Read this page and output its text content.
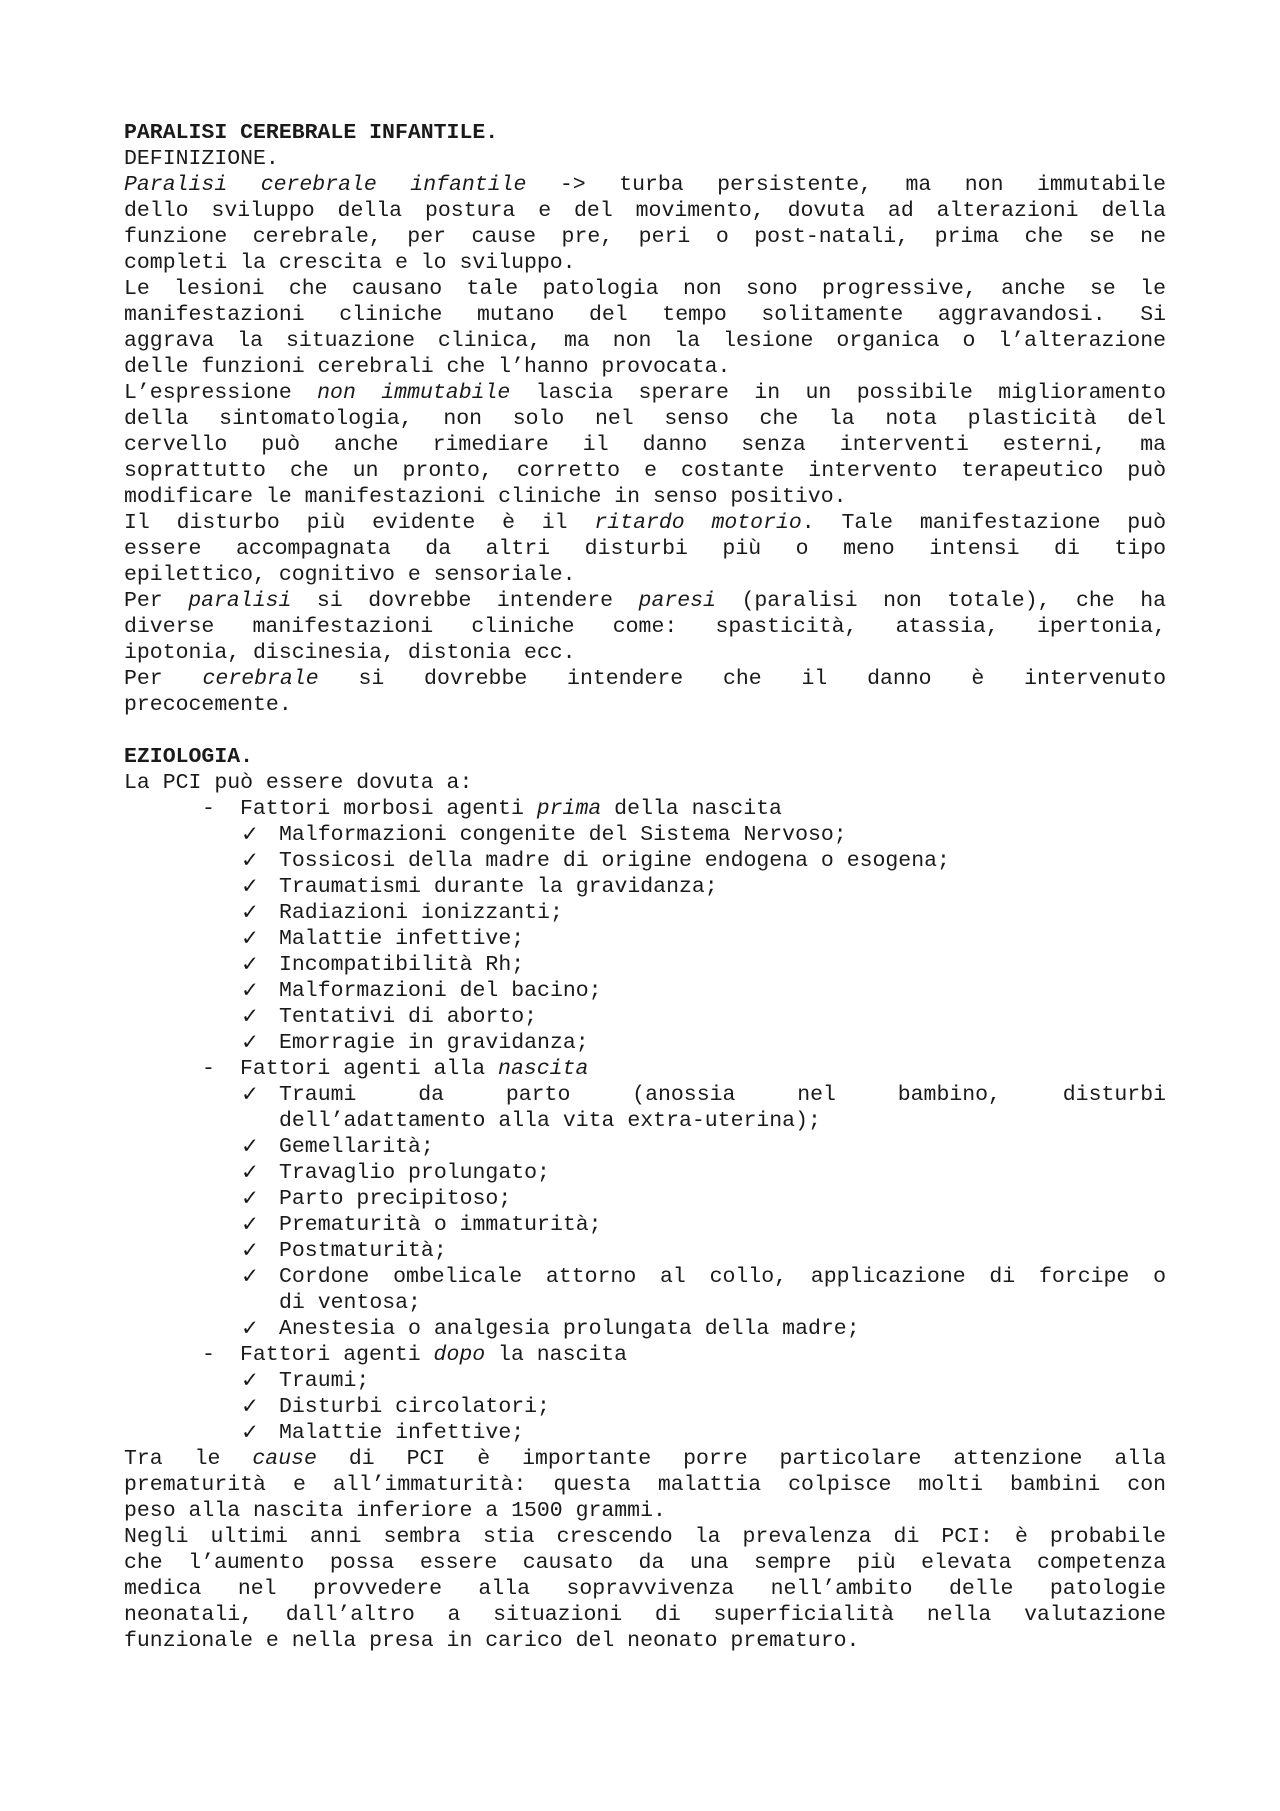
PARALISI CEREBRALE INFANTILE.
DEFINIZIONE.
Paralisi cerebrale infantile -> turba persistente, ma non immutabile
dello sviluppo della postura e del movimento, dovuta ad alterazioni della
funzione cerebrale, per cause pre, peri o post-natali, prima che se ne
completi la crescita e lo sviluppo.
Le lesioni che causano tale patologia non sono progressive, anche se le
manifestazioni cliniche mutano del tempo solitamente aggravandosi. Si
aggrava la situazione clinica, ma non la lesione organica o l’alterazione
delle funzioni cerebrali che l’hanno provocata.
L’espressione non immutabile lascia sperare in un possibile miglioramento
della sintomatologia, non solo nel senso che la nota plasticità del
cervello può anche rimediare il danno senza interventi esterni, ma
soprattutto che un pronto, corretto e costante intervento terapeutico può
modificare le manifestazioni cliniche in senso positivo.
Il disturbo più evidente è il ritardo motorio. Tale manifestazione può
essere accompagnata da altri disturbi più o meno intensi di tipo
epilettico, cognitivo e sensoriale.
Per paralisi si dovrebbe intendere paresi (paralisi non totale), che ha
diverse manifestazioni cliniche come: spasticità, atassia, ipertonia,
ipotonia, discinesia, distonia ecc.
Per cerebrale si dovrebbe intendere che il danno è intervenuto
precocemente.
EZIOLOGIA.
La PCI può essere dovuta a:
- Fattori morbosi agenti prima della nascita
✓ Malformazioni congenite del Sistema Nervoso;
✓ Tossicosi della madre di origine endogena o esogena;
✓ Traumatismi durante la gravidanza;
✓ Radiazioni ionizzanti;
✓ Malattie infettive;
✓ Incompatibilità Rh;
✓ Malformazioni del bacino;
✓ Tentativi di aborto;
✓ Emorragie in gravidanza;
- Fattori agenti alla nascita
✓ Traumi da parto (anossia nel bambino, disturbi
dell’adattamento alla vita extra-uterina);
✓ Gemellarità;
✓ Travaglio prolungato;
✓ Parto precipitoso;
✓ Prematurità o immaturità;
✓ Postmaturità;
✓ Cordone ombelicale attorno al collo, applicazione di forcipe o
di ventosa;
✓ Anestesia o analgesia prolungata della madre;
- Fattori agenti dopo la nascita
✓ Traumi;
✓ Disturbi circolatori;
✓ Malattie infettive;
Tra le cause di PCI è importante porre particolare attenzione alla
prematurità e all’immaturità: questa malattia colpisce molti bambini con
peso alla nascita inferiore a 1500 grammi.
Negli ultimi anni sembra stia crescendo la prevalenza di PCI: è probabile
che l’aumento possa essere causato da una sempre più elevata competenza
medica nel provvedere alla sopravvivenza nell’ambito delle patologie
neonatali, dall’altro a situazioni di superficialità nella valutazione
funzionale e nella presa in carico del neonato prematuro.
